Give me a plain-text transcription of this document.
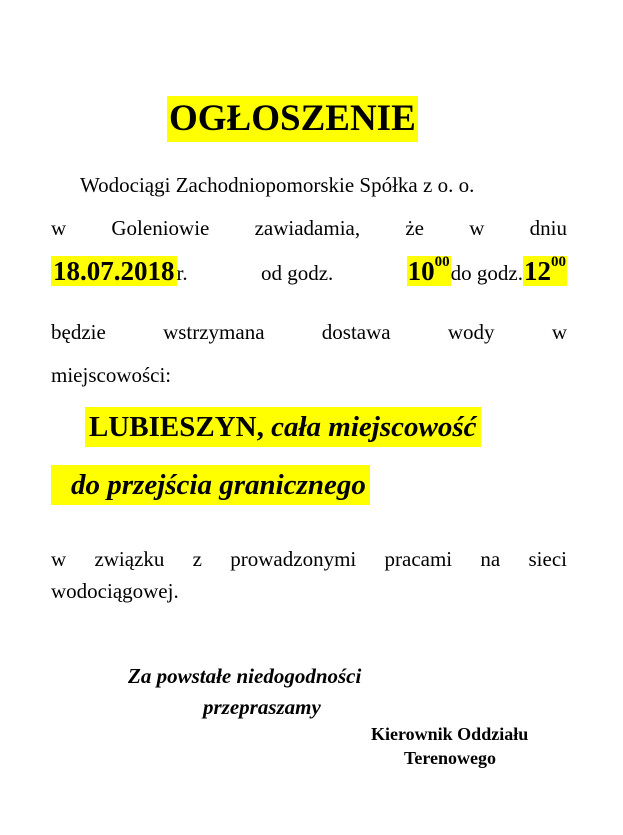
OGŁOSZENIE
Wodociągi Zachodniopomorskie Spółka z o. o.
w Goleniowie zawiadamia, że w dniu
18.07.2018r.	od godz.	$10^{00}do$ $godz.12^{00}$
będzie	wstrzymana	dostawa	wody	w
miejscowości:
LUBIESZYN, cała miejscowość
do przejścia granicznego
w związku z prowadzonymi pracami na sieci
wodociągowej.
Za powstałe niedogodności
przepraszamy
Kierownik Oddziału
Terenowego
